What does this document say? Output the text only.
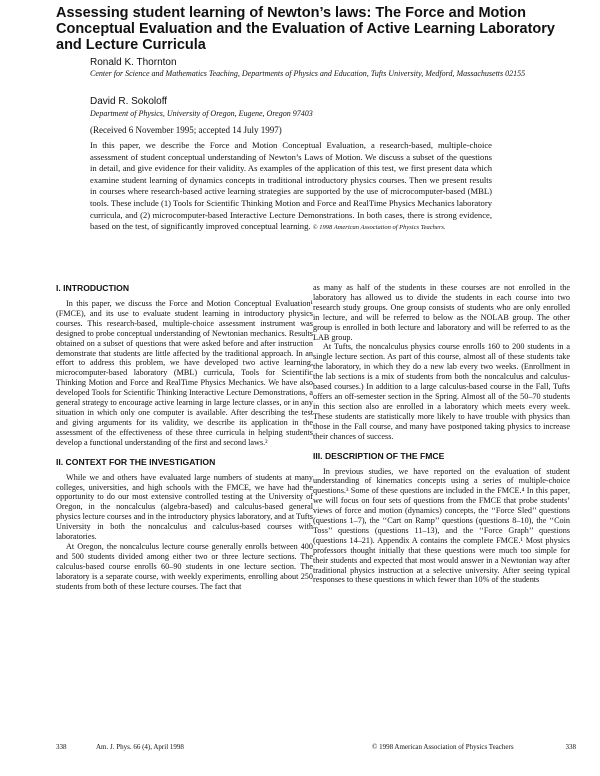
Assessing student learning of Newton’s laws: The Force and Motion Conceptual Evaluation and the Evaluation of Active Learning Laboratory and Lecture Curricula

Ronald K. Thornton

Center for Science and Mathematics Teaching, Departments of Physics and Education, Tufts University, Medford, Massachusetts 02155

David R. Sokoloff

Department of Physics, University of Oregon, Eugene, Oregon 97403

(Received 6 November 1995; accepted 14 July 1997)

In this paper, we describe the Force and Motion Conceptual Evaluation, a research-based, multiple-choice assessment of student conceptual understanding of Newton’s Laws of Motion. We discuss a subset of the questions in detail, and give evidence for their validity. As examples of the application of this test, we first present data which examine student learning of dynamics concepts in traditional introductory physics courses. Then we present results in courses where research-based active learning strategies are supported by the use of microcomputer-based (MBL) tools. These include (1) Tools for Scientific Thinking Motion and Force and RealTime Physics Mechanics laboratory curricula, and (2) microcomputer-based Interactive Lecture Demonstrations. In both cases, there is strong evidence, based on the test, of significantly improved conceptual learning. © 1998 American Association of Physics Teachers.

I. INTRODUCTION

In this paper, we discuss the Force and Motion Conceptual Evaluation¹ (FMCE), and its use to evaluate student learning in introductory physics courses. This research-based, multiple-choice assessment instrument was designed to probe conceptual understanding of Newtonian mechanics. Results obtained on a subset of questions that were asked before and after instruction demonstrate that students are little affected by the traditional approach. In an effort to address this problem, we have developed two active learning, microcomputer-based laboratory (MBL) curricula, Tools for Scientific Thinking Motion and Force and RealTime Physics Mechanics. We have also developed Tools for Scientific Thinking Interactive Lecture Demonstrations, a general strategy to encourage active learning in large lecture classes, or in any situation in which only one computer is available. After describing the test and giving arguments for its validity, we describe its application in the assessment of the effectiveness of these three curricula in helping students develop a functional understanding of the first and second laws.²

II. CONTEXT FOR THE INVESTIGATION

While we and others have evaluated large numbers of students at many colleges, universities, and high schools with the FMCE, we have had the opportunity to do our most extensive controlled testing at the University of Oregon, in the noncalculus (algebra-based) and calculus-based general physics lecture courses and in the introductory physics laboratory, and at Tufts University in both the noncalculus and calculus-based courses with laboratories.

At Oregon, the noncalculus lecture course generally enrolls between 400 and 500 students divided among either two or three lecture sections. The calculus-based course enrolls 60–90 students in one lecture section. The laboratory is a separate course, with weekly experiments, enrolling about 250 students from both of these lecture courses. The fact that

as many as half of the students in these courses are not enrolled in the laboratory has allowed us to divide the students in each course into two research study groups. One group consists of students who are only enrolled in lecture, and will be referred to below as the NOLAB group. The other group is enrolled in both lecture and laboratory and will be referred to as the LAB group.

At Tufts, the noncalculus physics course enrolls 160 to 200 students in a single lecture section. As part of this course, almost all of these students take the laboratory, in which they do a new lab every two weeks. (Enrollment in the lab sections is a mix of students from both the noncalculus and calculus-based courses.) In addition to a large calculus-based course in the Fall, Tufts offers an off-semester section in the Spring. Almost all of the 50–70 students in this section also are enrolled in a laboratory which meets every week. These students are statistically more likely to have trouble with physics than those in the Fall course, and many have postponed taking physics to increase their chances of success.

III. DESCRIPTION OF THE FMCE

In previous studies, we have reported on the evaluation of student understanding of kinematics concepts using a series of multiple-choice questions.³ Some of these questions are included in the FMCE.⁴ In this paper, we will focus on four sets of questions from the FMCE that probe students’ views of force and motion (dynamics) concepts, the ‘‘Force Sled’’ questions (questions 1–7), the ‘‘Cart on Ramp’’ questions (questions 8–10), the ‘‘Coin Toss’’ questions (questions 11–13), and the ‘‘Force Graph’’ questions (questions 14–21). Appendix A contains the complete FMCE.¹ Most physics professors thought initially that these questions were much too simple for their students and expected that most would answer in a Newtonian way after traditional physics instruction at a selective university. After seeing typical responses to these questions in which fewer than 10% of the students

338	Am. J. Phys. 66 (4), April 1998	© 1998 American Association of Physics Teachers	338
